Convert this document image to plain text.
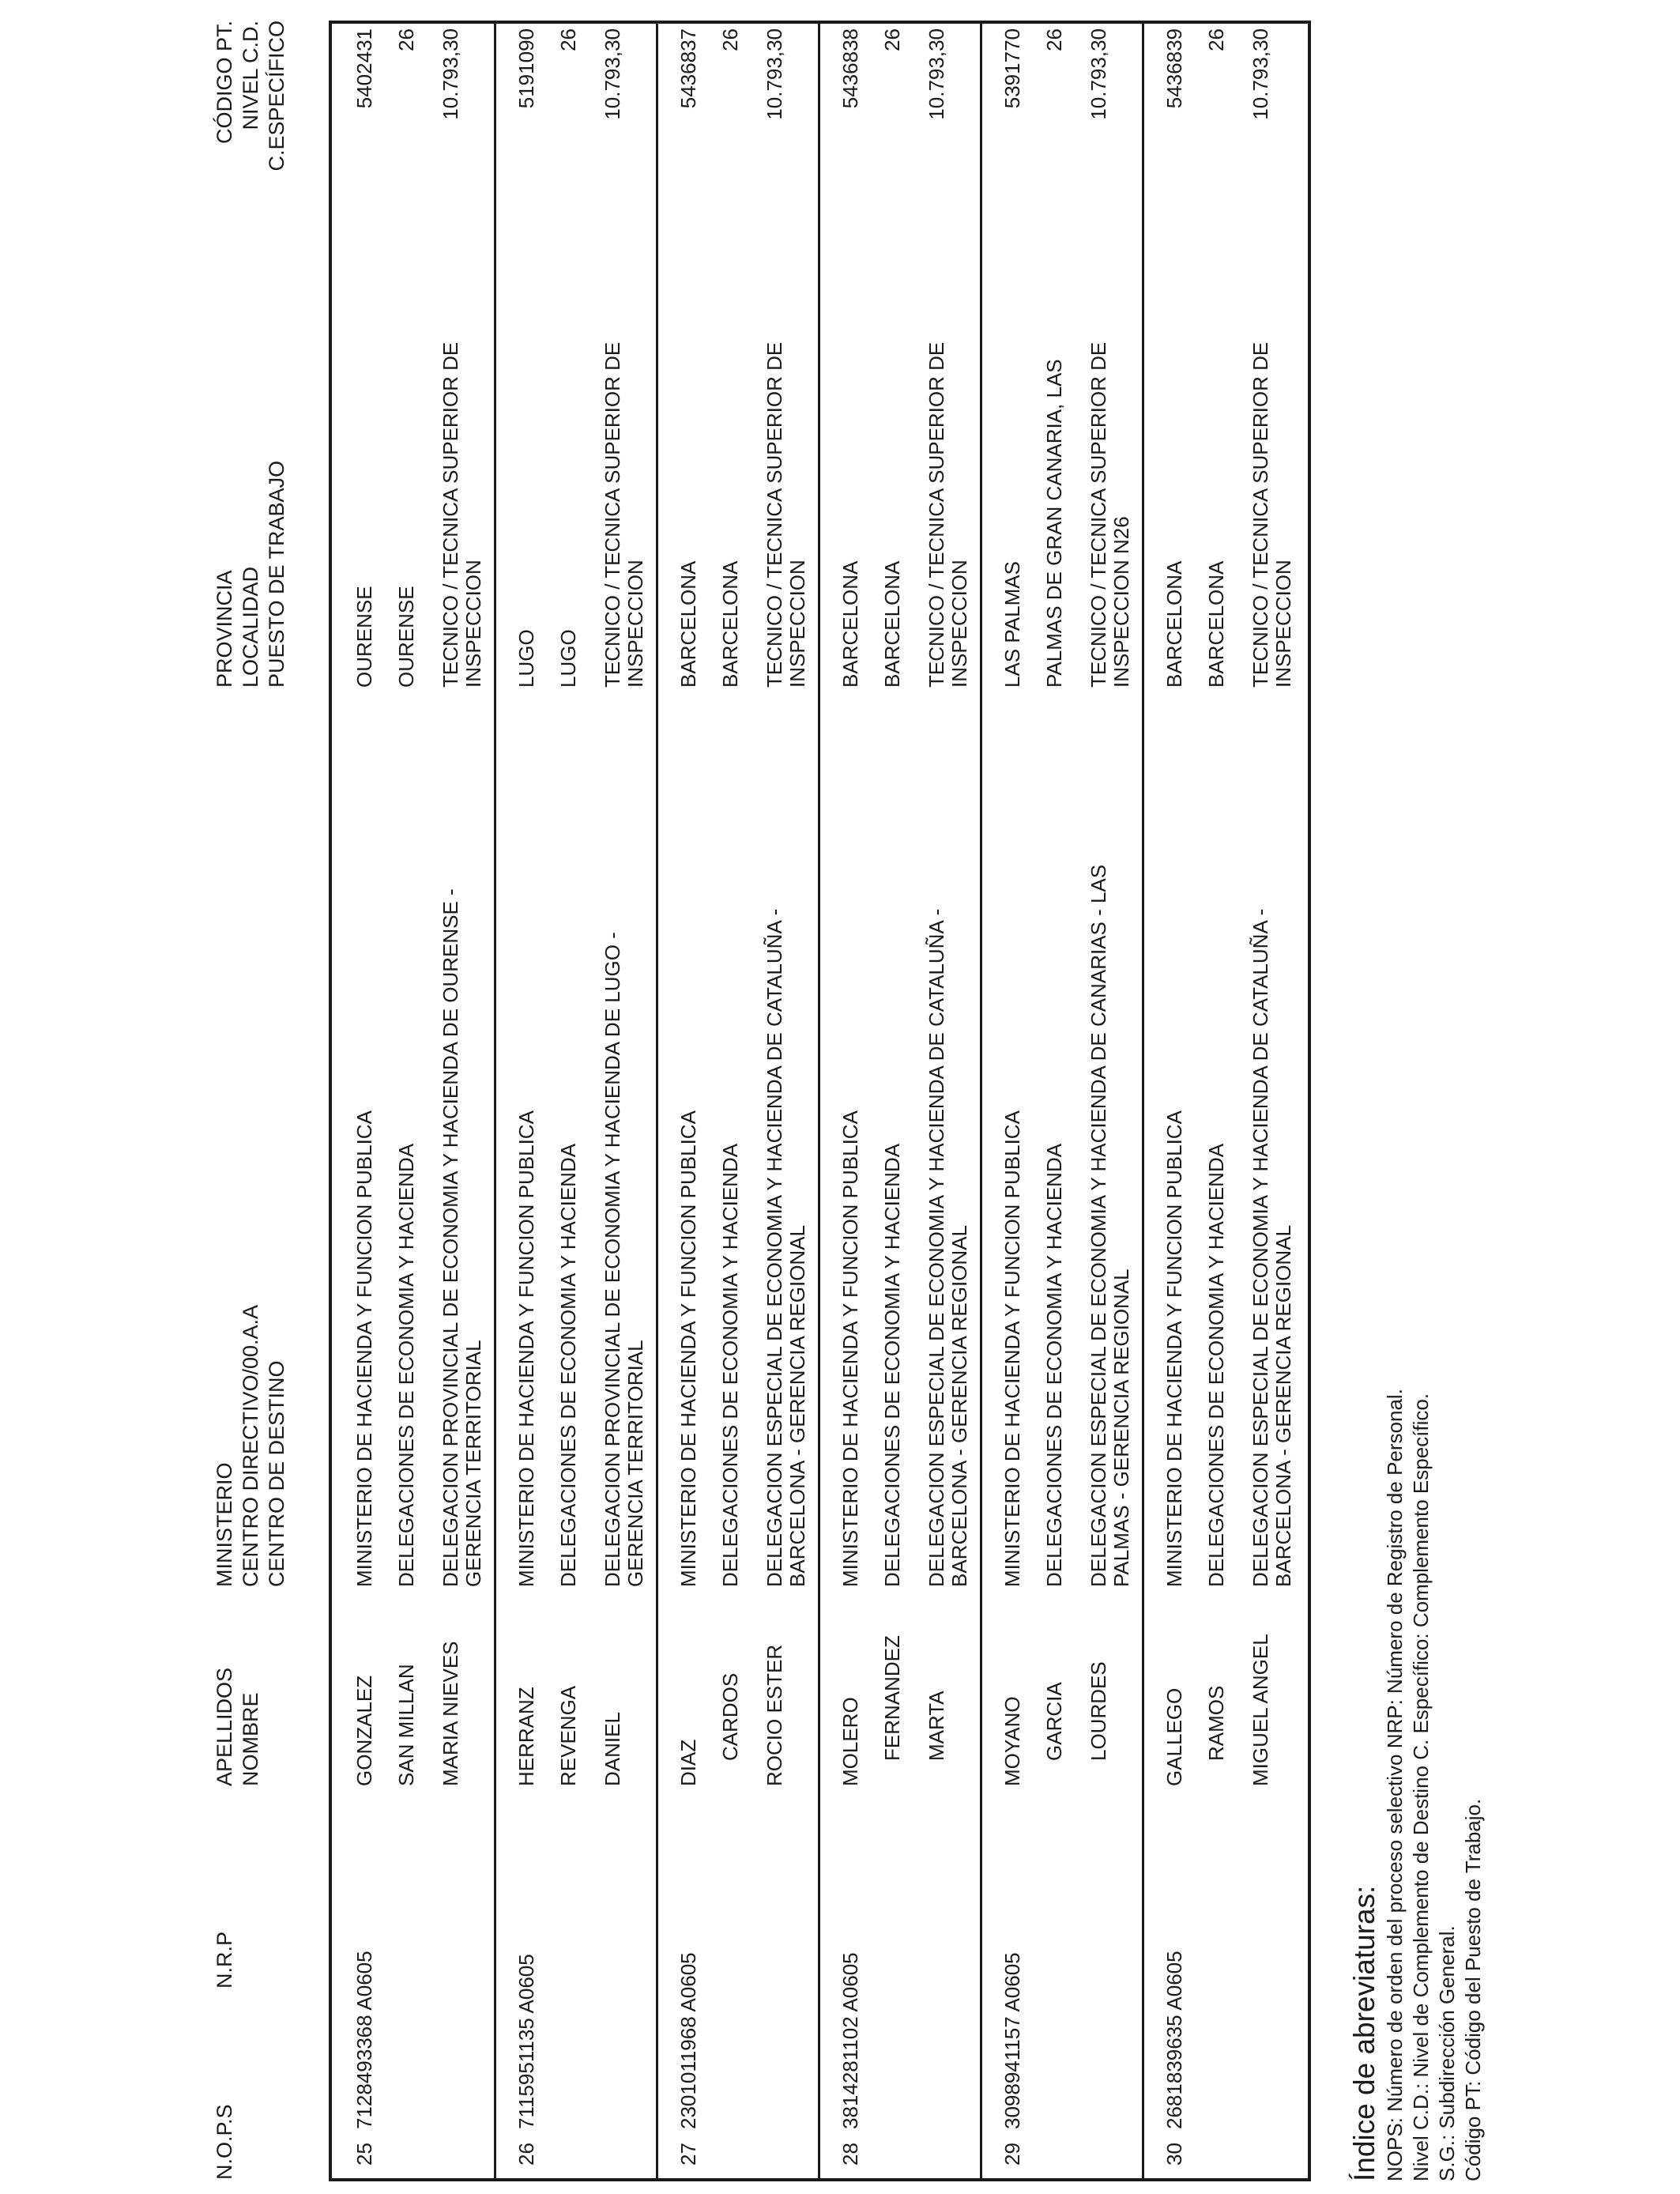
N.O.P.S
N.R.P
APELLIDOS NOMBRE
MINISTERIO CENTRO DIRECTIVO/00.A.A CENTRO DE DESTINO
PROVINCIA LOCALIDAD PUESTO DE TRABAJO
CÓDIGO PT. NIVEL C.D. C.ESPECÍFICO
25
7128493368 A0605
GONZALEZ SAN MILLAN MARIA NIEVES
MINISTERIO DE HACIENDA Y FUNCION PUBLICA DELEGACIONES DE ECONOMIA Y HACIENDA DELEGACION PROVINCIAL DE ECONOMIA Y HACIENDA DE OURENSE - GERENCIA TERRITORIAL
OURENSE OURENSE TECNICO / TECNICA SUPERIOR DE INSPECCION
5402431 26 10.793,30
26
7115951135 A0605
HERRANZ REVENGA DANIEL
MINISTERIO DE HACIENDA Y FUNCION PUBLICA DELEGACIONES DE ECONOMIA Y HACIENDA DELEGACION PROVINCIAL DE ECONOMIA Y HACIENDA DE LUGO - GERENCIA TERRITORIAL
LUGO LUGO TECNICO / TECNICA SUPERIOR DE INSPECCION
5191090 26 10.793,30
27
2301011968 A0605
DIAZ
CARDOS ROCIO ESTER
MINISTERIO DE HACIENDA Y FUNCION PUBLICA DELEGACIONES DE ECONOMIA Y HACIENDA DELEGACION ESPECIAL DE ECONOMIA Y HACIENDA DE CATALUÑA - BARCELONA - GERENCIA REGIONAL
BARCELONA BARCELONA TECNICO / TECNICA SUPERIOR DE INSPECCION
5436837 26 10.793,30
28
3814281102 A0605
MOLERO FERNANDEZ MARTA
MINISTERIO DE HACIENDA Y FUNCION PUBLICA DELEGACIONES DE ECONOMIA Y HACIENDA DELEGACION ESPECIAL DE ECONOMIA Y HACIENDA DE CATALUÑA - BARCELONA - GERENCIA REGIONAL
BARCELONA BARCELONA TECNICO / TECNICA SUPERIOR DE INSPECCION
5436838 26 10.793,30
29
3098941157 A0605
MOYANO GARCIA LOURDES
MINISTERIO DE HACIENDA Y FUNCION PUBLICA DELEGACIONES DE ECONOMIA Y HACIENDA DELEGACION ESPECIAL DE ECONOMIA Y HACIENDA DE CANARIAS - LAS PALMAS - GERENCIA REGIONAL
LAS PALMAS PALMAS DE GRAN CANARIA, LAS TECNICO / TECNICA SUPERIOR DE INSPECCION N26
5391770 26 10.793,30
30
2681839635 A0605
GALLEGO RAMOS MIGUEL ANGEL
MINISTERIO DE HACIENDA Y FUNCION PUBLICA DELEGACIONES DE ECONOMIA Y HACIENDA DELEGACION ESPECIAL DE ECONOMIA Y HACIENDA DE CATALUÑA - BARCELONA - GERENCIA REGIONAL
BARCELONA BARCELONA TECNICO / TECNICA SUPERIOR DE INSPECCION
5436839 26 10.793,30
Índice de abreviaturas: NOPS: Número de orden del proceso selectivo NRP: Número de Registro de Personal. Nivel C.D.: Nivel de Complemento de Destino C. Específico: Complemento Específico. S.G.: Subdirección General. Código PT: Código del Puesto de Trabajo.
